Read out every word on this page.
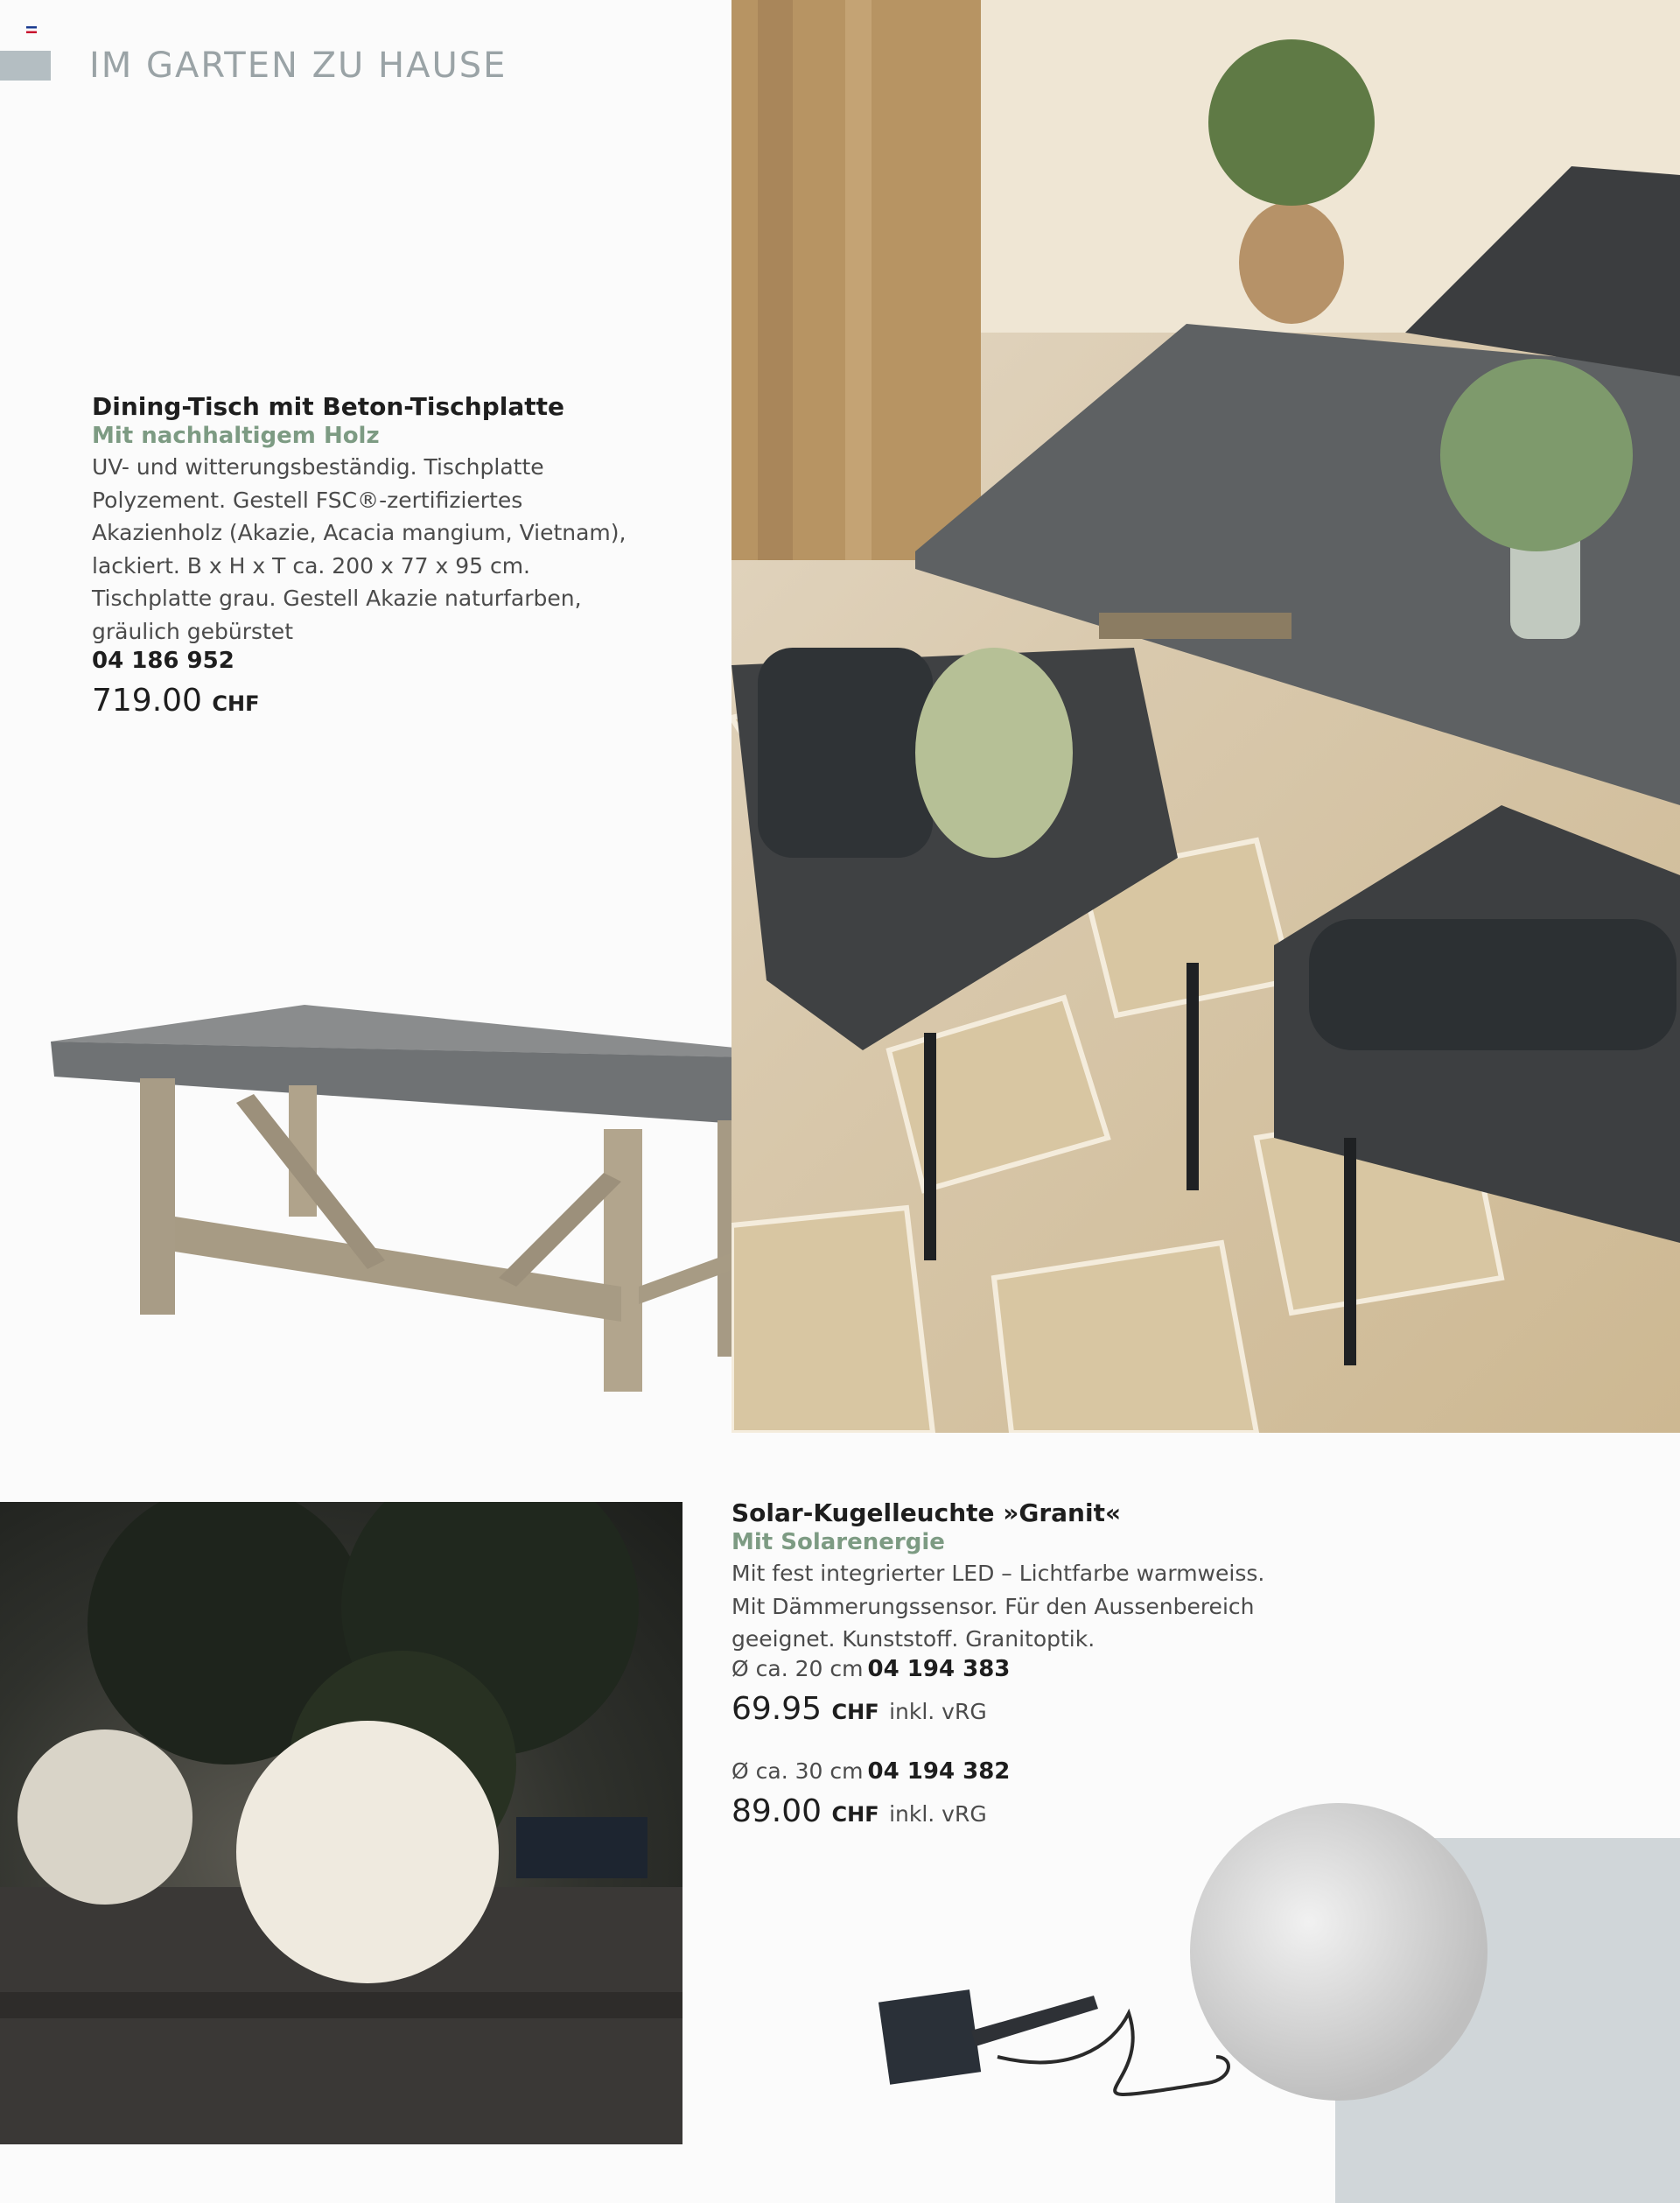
IM GARTEN ZU HAUSE

Dining-Tisch mit Beton-Tischplatte

Mit nachhaltigem Holz

UV- und witterungsbeständig. Tischplatte
Polyzement. Gestell FSC®-zertifiziertes
Akazienholz (Akazie, Acacia mangium, Vietnam),
lackiert. B x H x T ca. 200 x 77 x 95 cm.
Tischplatte grau. Gestell Akazie naturfarben,
gräulich gebürstet

04 186 952
719.00 CHF

Solar-Kugelleuchte »Granit«

Mit Solarenergie

Mit fest integrierter LED – Lichtfarbe warmweiss.
Mit Dämmerungssensor. Für den Aussenbereich
geeignet. Kunststoff. Granitoptik.

Ø ca. 20 cm 04 194 383
69.95 CHF inkl. vRG
Ø ca. 30 cm 04 194 382
89.00 CHF inkl. vRG
